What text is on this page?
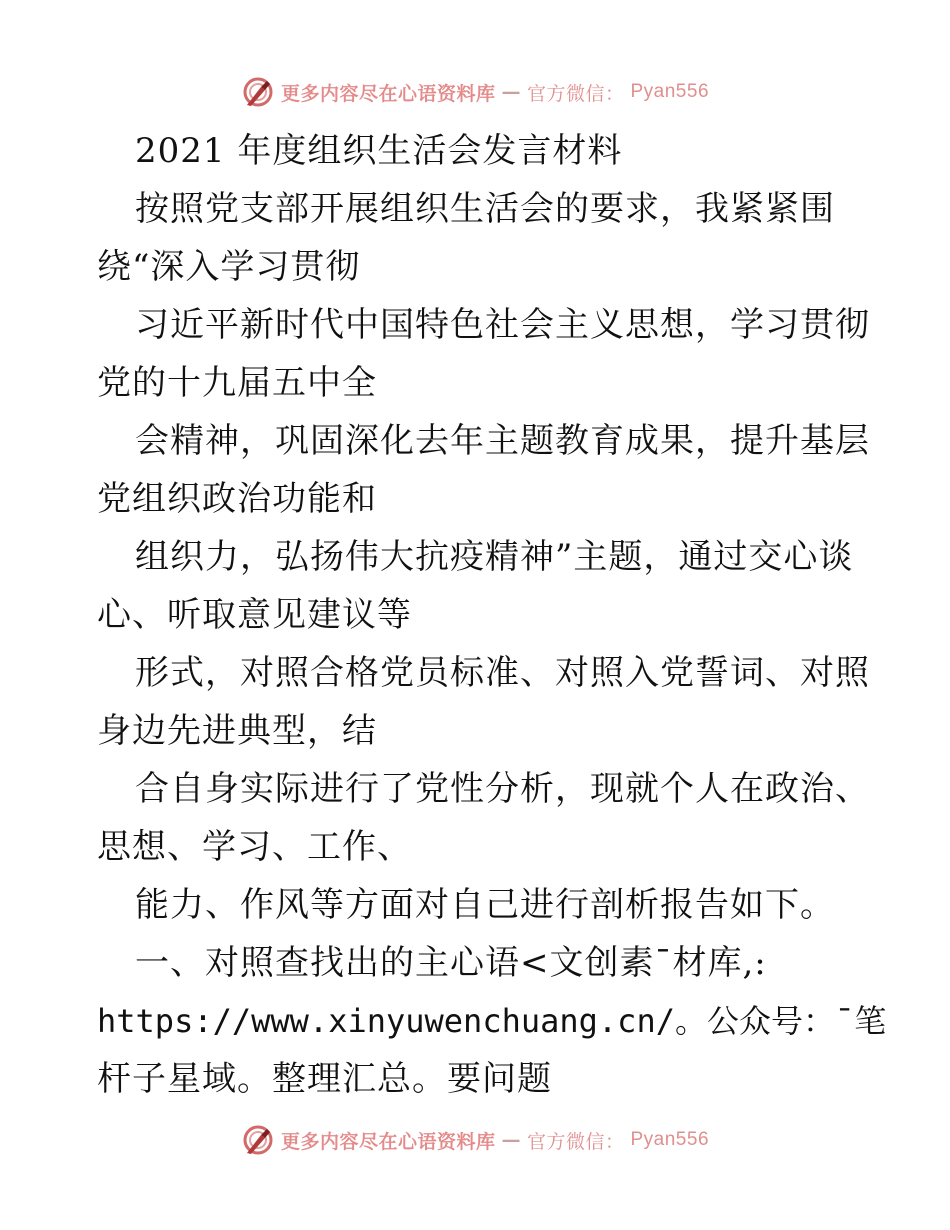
更多内容尽在心语资料库 — 官方微信： Pyan556
2021 年度组织生活会发言材料
按照党支部开展组织生活会的要求，我紧紧围
绕“深入学习贯彻
习近平新时代中国特色社会主义思想，学习贯彻
党的十九届五中全
会精神，巩固深化去年主题教育成果，提升基层
党组织政治功能和
组织力，弘扬伟大抗疫精神”主题，通过交心谈
心、听取意见建议等
形式，对照合格党员标准、对照入党誓词、对照
身边先进典型，结
合自身实际进行了党性分析，现就个人在政治、
思想、学习、工作、
能力、作风等方面对自己进行剖析报告如下。
一、对照查找出的主心语<文创素¯材库,:
https://www.xinyuwenchuang.cn/。公众号：¯笔
杆子星域。整理汇总。要问题
更多内容尽在心语资料库 — 官方微信： Pyan556
